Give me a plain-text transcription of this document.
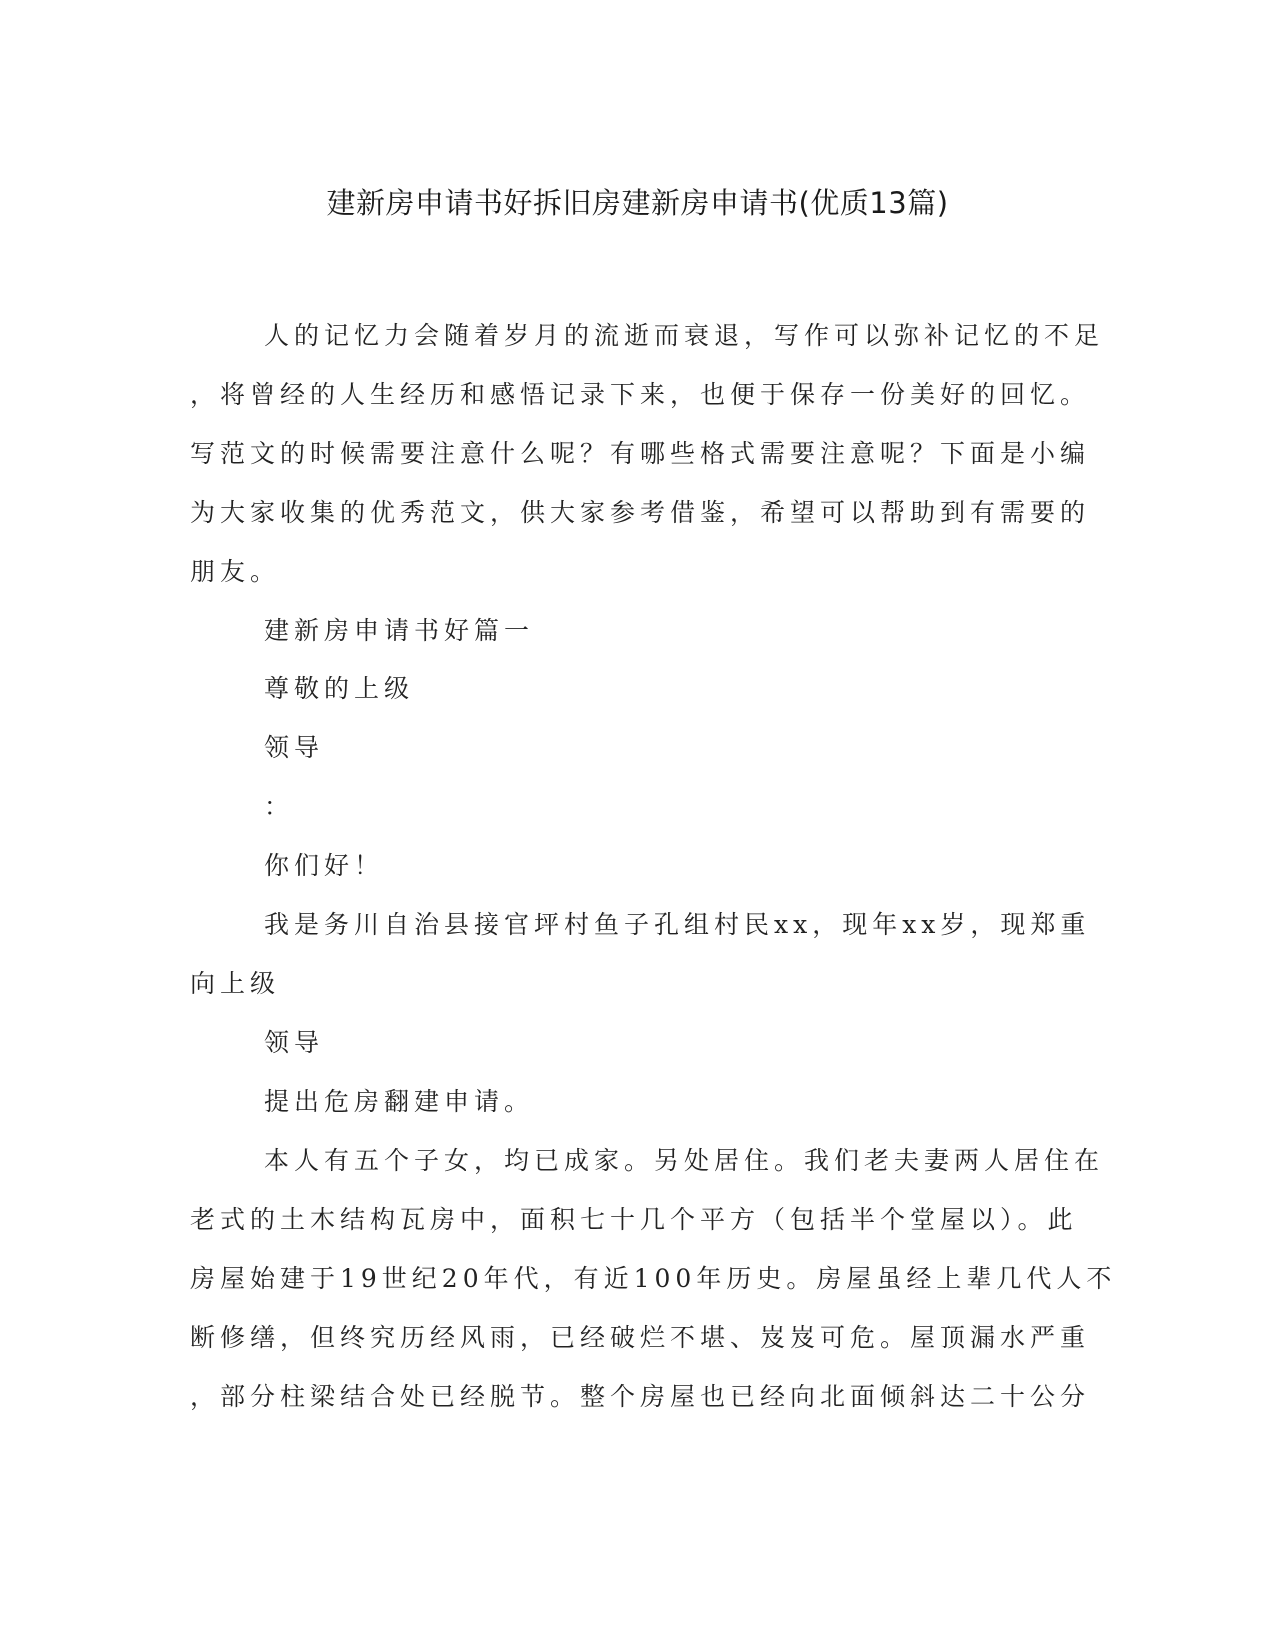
建新房申请书好拆旧房建新房申请书(优质13篇)
人的记忆力会随着岁月的流逝而衰退，写作可以弥补记忆的不足
，将曾经的人生经历和感悟记录下来，也便于保存一份美好的回忆。
写范文的时候需要注意什么呢？有哪些格式需要注意呢？下面是小编
为大家收集的优秀范文，供大家参考借鉴，希望可以帮助到有需要的
朋友。
建新房申请书好篇一
尊敬的上级
领导
：
你们好！
我是务川自治县接官坪村鱼子孔组村民xx，现年xx岁，现郑重
向上级
领导
提出危房翻建申请。
本人有五个子女，均已成家。另处居住。我们老夫妻两人居住在
老式的土木结构瓦房中，面积七十几个平方（包括半个堂屋以）。此
房屋始建于19世纪20年代，有近100年历史。房屋虽经上辈几代人不
断修缮，但终究历经风雨，已经破烂不堪、岌岌可危。屋顶漏水严重
，部分柱梁结合处已经脱节。整个房屋也已经向北面倾斜达二十公分
